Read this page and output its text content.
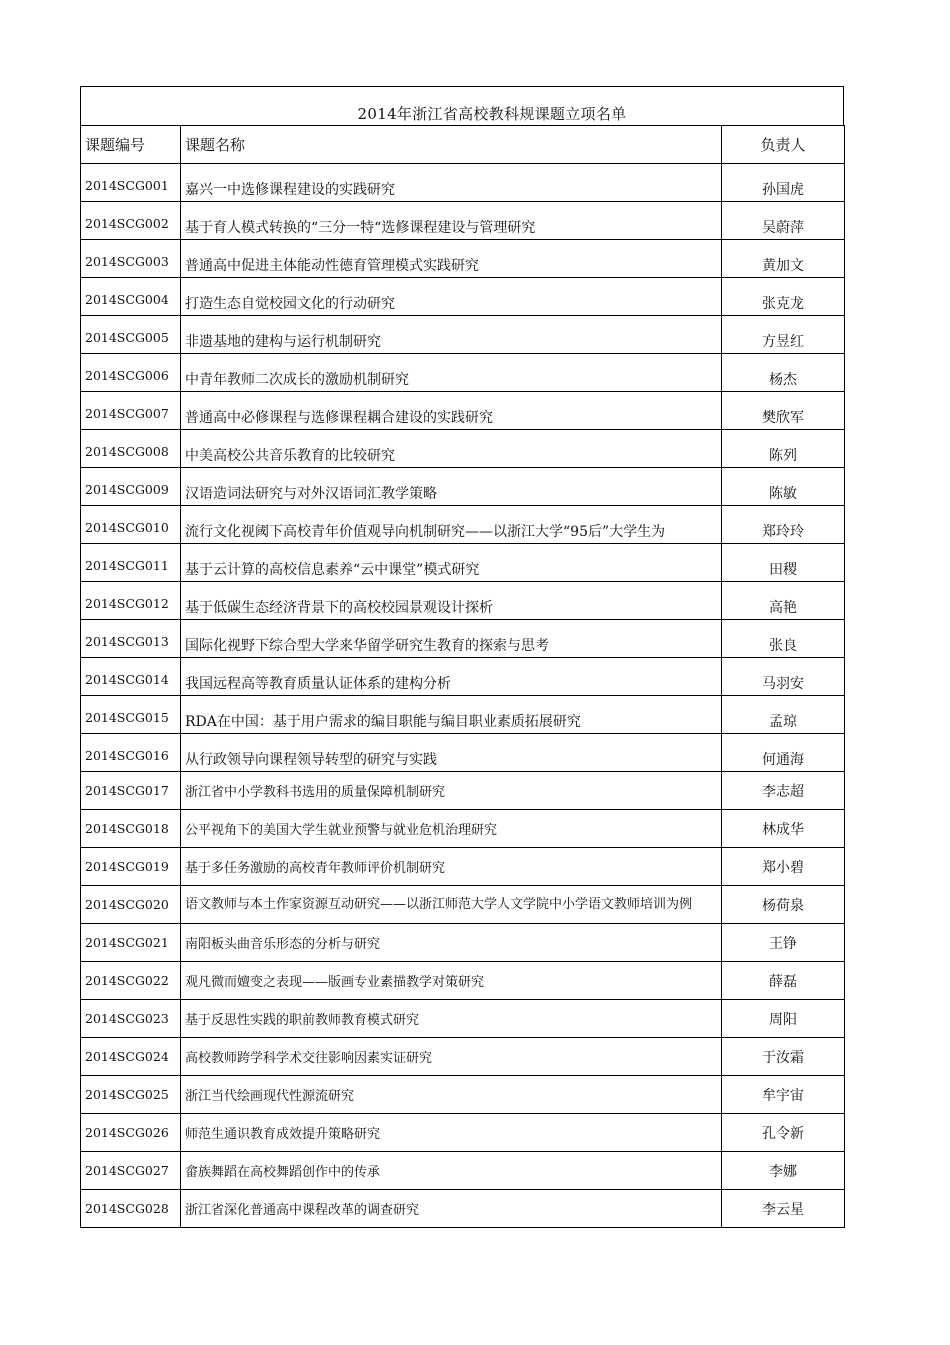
2014年浙江省高校教科规课题立项名单
课题编号	课题名称	负责人
2014SCG001	嘉兴一中选修课程建设的实践研究	孙国虎
2014SCG002	基于育人模式转换的“三分一特“选修课程建设与管理研究	吴蔚萍
2014SCG003	普通高中促进主体能动性德育管理模式实践研究	黄加文
2014SCG004	打造生态自觉校园文化的行动研究	张克龙
2014SCG005	非遗基地的建构与运行机制研究	方昱红
2014SCG006	中青年教师二次成长的激励机制研究	杨杰
2014SCG007	普通高中必修课程与选修课程耦合建设的实践研究	樊欣军
2014SCG008	中美高校公共音乐教育的比较研究	陈列
2014SCG009	汉语造词法研究与对外汉语词汇教学策略	陈敏
2014SCG010	流行文化视阈下高校青年价值观导向机制研究——以浙江大学“95后”大学生为	郑玲玲
2014SCG011	基于云计算的高校信息素养“云中课堂”模式研究	田稷
2014SCG012	基于低碳生态经济背景下的高校校园景观设计探析	高艳
2014SCG013	国际化视野下综合型大学来华留学研究生教育的探索与思考	张良
2014SCG014	我国远程高等教育质量认证体系的建构分析	马羽安
2014SCG015	RDA在中国：基于用户需求的编目职能与编目职业素质拓展研究	孟琼
2014SCG016	从行政领导向课程领导转型的研究与实践	何通海
2014SCG017	浙江省中小学教科书选用的质量保障机制研究	李志超
2014SCG018	公平视角下的美国大学生就业预警与就业危机治理研究	林成华
2014SCG019	基于多任务激励的高校青年教师评价机制研究	郑小碧
2014SCG020	语文教师与本土作家资源互动研究——以浙江师范大学人文学院中小学语文教师培训为例	杨荷泉
2014SCG021	南阳板头曲音乐形态的分析与研究	王铮
2014SCG022	观凡微而嬗变之表现——版画专业素描教学对策研究	薛磊
2014SCG023	基于反思性实践的职前教师教育模式研究	周阳
2014SCG024	高校教师跨学科学术交往影响因素实证研究	于汝霜
2014SCG025	浙江当代绘画现代性源流研究	牟宇宙
2014SCG026	师范生通识教育成效提升策略研究	孔令新
2014SCG027	畲族舞蹈在高校舞蹈创作中的传承	李娜
2014SCG028	浙江省深化普通高中课程改革的调查研究	李云星
